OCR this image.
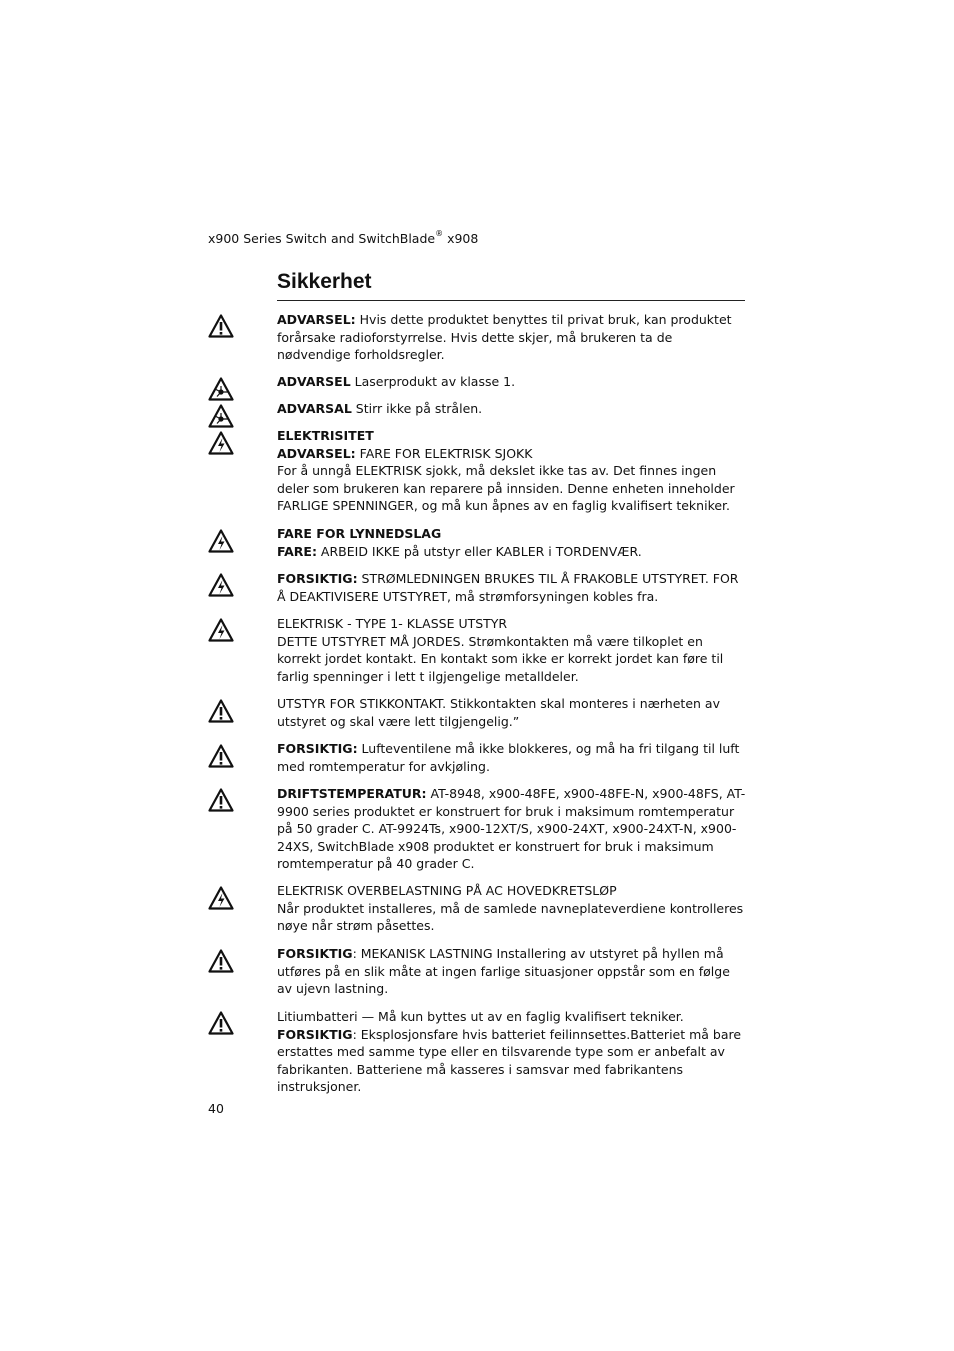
x900 Series Switch and SwitchBlade® x908
Sikkerhet

ADVARSEL: Hvis dette produktet benyttes til privat bruk, kan produktet forårsake radioforstyrrelse. Hvis dette skjer, må brukeren ta de nødvendige forholdsregler.

ADVARSEL Laserprodukt av klasse 1.

ADVARSAL Stirr ikke på strålen.

ELEKTRISITET

ADVARSEL: FARE FOR ELEKTRISK SJOKK

For å unngå ELEKTRISK sjokk, må dekslet ikke tas av. Det finnes ingen deler som brukeren kan reparere på innsiden. Denne enheten inneholder FARLIGE SPENNINGER, og må kun åpnes av en faglig kvalifisert tekniker.

FARE FOR LYNNEDSLAG

FARE: ARBEID IKKE på utstyr eller KABLER i TORDENVÆR.

FORSIKTIG: STRØMLEDNINGEN BRUKES TIL Å FRAKOBLE UTSTYRET. FOR Å DEAKTIVISERE UTSTYRET, må strømforsyningen kobles fra.

ELEKTRISK - TYPE 1- KLASSE UTSTYR

DETTE UTSTYRET MÅ JORDES. Strømkontakten må være tilkoplet en korrekt jordet kontakt. En kontakt som ikke er korrekt jordet kan føre til farlig spenninger i lett t ilgjengelige metalldeler.

UTSTYR FOR STIKKONTAKT. Stikkontakten skal monteres i nærheten av utstyret og skal være lett tilgjengelig.”

FORSIKTIG: Lufteventilene må ikke blokkeres, og må ha fri tilgang til luft med romtemperatur for avkjøling.

DRIFTSTEMPERATUR: AT-8948, x900-48FE, x900-48FE-N, x900-48FS, AT-9900 series produktet er konstruert for bruk i maksimum romtemperatur på 50 grader C. AT-9924Ts, x900-12XT/S, x900-24XT, x900-24XT-N, x900-24XS, SwitchBlade x908 produktet er konstruert for bruk i maksimum romtemperatur på 40 grader C.

ELEKTRISK OVERBELASTNING PÅ AC HOVEDKRETSLØP

Når produktet installeres, må de samlede navneplateverdiene kontrolleres nøye når strøm påsettes.

FORSIKTIG: MEKANISK LASTNING Installering av utstyret på hyllen må utføres på en slik måte at ingen farlige situasjoner oppstår som en følge av ujevn lastning.

Litiumbatteri — Må kun byttes ut av en faglig kvalifisert tekniker.

FORSIKTIG: Eksplosjonsfare hvis batteriet feilinnsettes.Batteriet må bare erstattes med samme type eller en tilsvarende type som er anbefalt av fabrikanten. Batteriene må kasseres i samsvar med fabrikantens instruksjoner.

40
